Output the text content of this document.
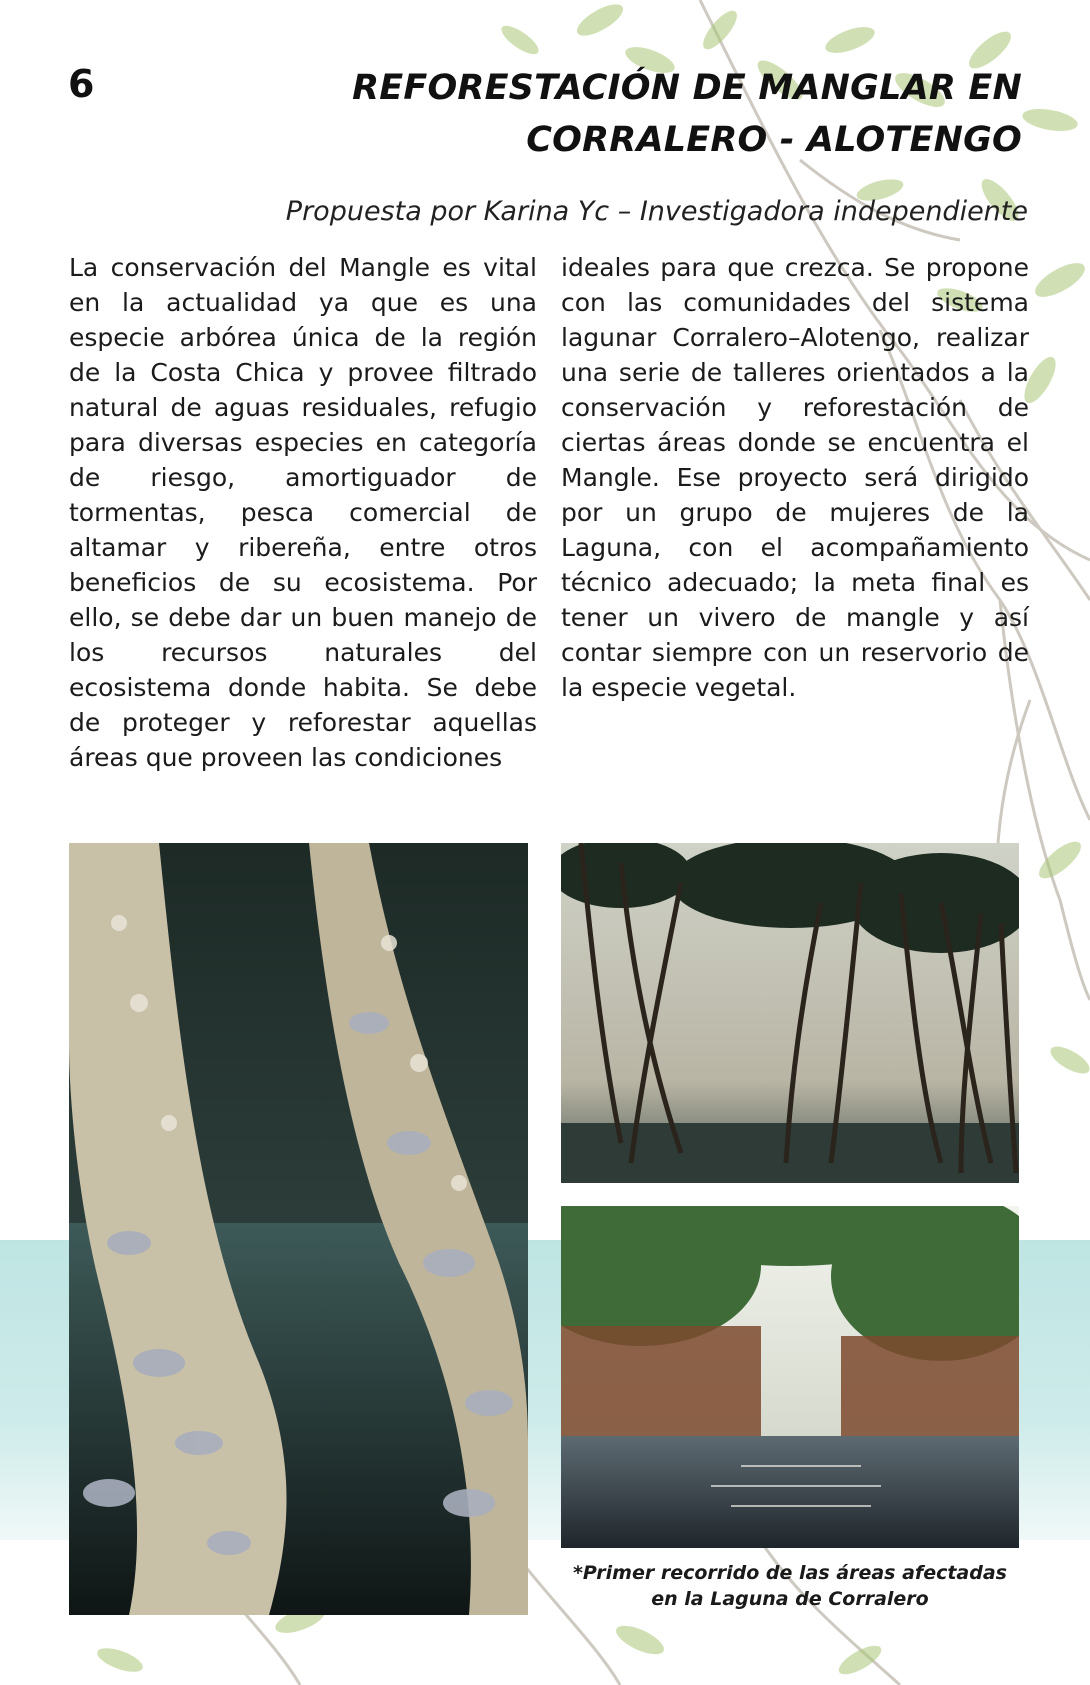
6	REFORESTACIÓN DE MANGLAR EN
CORRALERO - ALOTENGO
Propuesta por Karina Yc – Investigadora independiente

La conservación del Mangle es vital en la actualidad ya que es una especie arbórea única de la región de la Costa Chica y provee filtrado natural de aguas residuales, refugio para diversas especies en categoría de riesgo, amortiguador de tormentas, pesca comercial de altamar y ribereña, entre otros beneficios de su ecosistema. Por ello, se debe dar un buen manejo de los recursos naturales del ecosistema donde habita. Se debe de proteger y reforestar aquellas áreas que proveen las condiciones

ideales para que crezca. Se propone con las comunidades del sistema lagunar Corralero–Alotengo, realizar una serie de talleres orientados a la conservación y reforestación de ciertas áreas donde se encuentra el Mangle. Ese proyecto será dirigido por un grupo de mujeres de la Laguna, con el acompañamiento técnico adecuado; la meta final es tener un vivero de mangle y así contar siempre con un reservorio de la especie vegetal.

*Primer recorrido de las áreas afectadas
en la Laguna de Corralero
